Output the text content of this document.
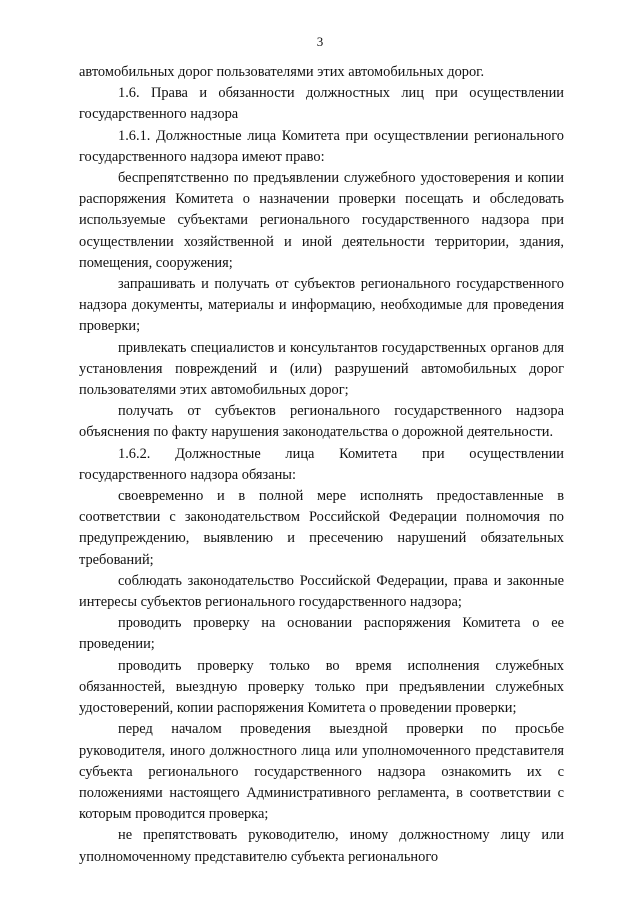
3

автомобильных дорог пользователями этих автомобильных дорог.

1.6. Права и обязанности должностных лиц при осуществлении государственного надзора

1.6.1. Должностные лица Комитета при осуществлении регионального государственного надзора имеют право:

беспрепятственно по предъявлении служебного удостоверения и копии распоряжения Комитета о назначении проверки посещать и обследовать используемые субъектами регионального государственного надзора при осуществлении хозяйственной и иной деятельности территории, здания, помещения, сооружения;

запрашивать и получать от субъектов регионального государственного надзора документы, материалы и информацию, необходимые для проведения проверки;

привлекать специалистов и консультантов государственных органов для установления повреждений и (или) разрушений автомобильных дорог пользователями этих автомобильных дорог;

получать от субъектов регионального государственного надзора объяснения по факту нарушения законодательства о дорожной деятельности.

1.6.2. Должностные лица Комитета при осуществлении государственного надзора обязаны:

своевременно и в полной мере исполнять предоставленные в соответствии с законодательством Российской Федерации полномочия по предупреждению, выявлению и пресечению нарушений обязательных требований;

соблюдать законодательство Российской Федерации, права и законные интересы субъектов регионального государственного надзора;

проводить проверку на основании распоряжения Комитета о ее проведении;

проводить проверку только во время исполнения служебных обязанностей, выездную проверку только при предъявлении служебных удостоверений, копии распоряжения Комитета о проведении проверки;

перед началом проведения выездной проверки по просьбе руководителя, иного должностного лица или уполномоченного представителя субъекта регионального государственного надзора ознакомить их с положениями настоящего Административного регламента, в соответствии с которым проводится проверка;

не препятствовать руководителю, иному должностному лицу или уполномоченному представителю субъекта регионального
